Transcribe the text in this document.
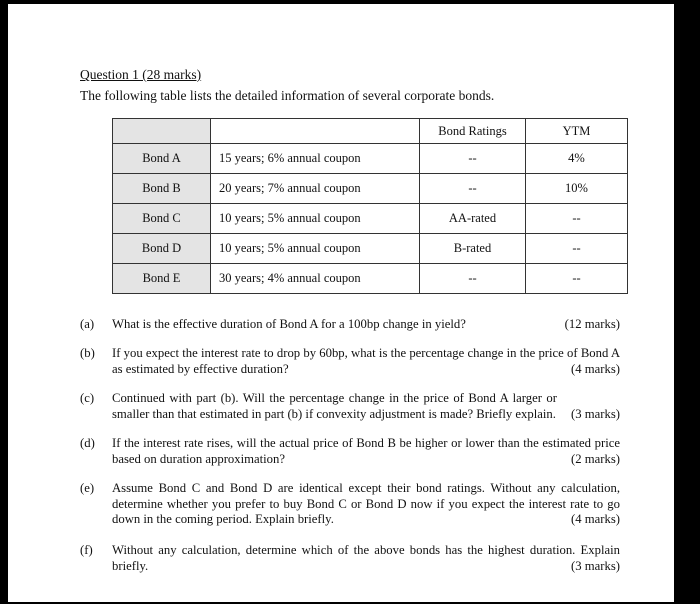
Question 1 (28 marks)
The following table lists the detailed information of several corporate bonds.
		Bond Ratings	YTM
Bond A	15 years; 6% annual coupon	--	4%
Bond B	20 years; 7% annual coupon	--	10%
Bond C	10 years; 5% annual coupon	AA-rated	--
Bond D	10 years; 5% annual coupon	B-rated	--
Bond E	30 years; 4% annual coupon	--	--
(a) What is the effective duration of Bond A for a 100bp change in yield?	(12 marks)
(b) If you expect the interest rate to drop by 60bp, what is the percentage change in the price of Bond A as estimated by effective duration?	(4 marks)
(c) Continued with part (b). Will the percentage change in the price of Bond A larger or smaller than that estimated in part (b) if convexity adjustment is made? Briefly explain.	(3 marks)
(d) If the interest rate rises, will the actual price of Bond B be higher or lower than the estimated price based on duration approximation?	(2 marks)
(e) Assume Bond C and Bond D are identical except their bond ratings. Without any calculation, determine whether you prefer to buy Bond C or Bond D now if you expect the interest rate to go down in the coming period. Explain briefly.	(4 marks)
(f) Without any calculation, determine which of the above bonds has the highest duration. Explain briefly.	(3 marks)
